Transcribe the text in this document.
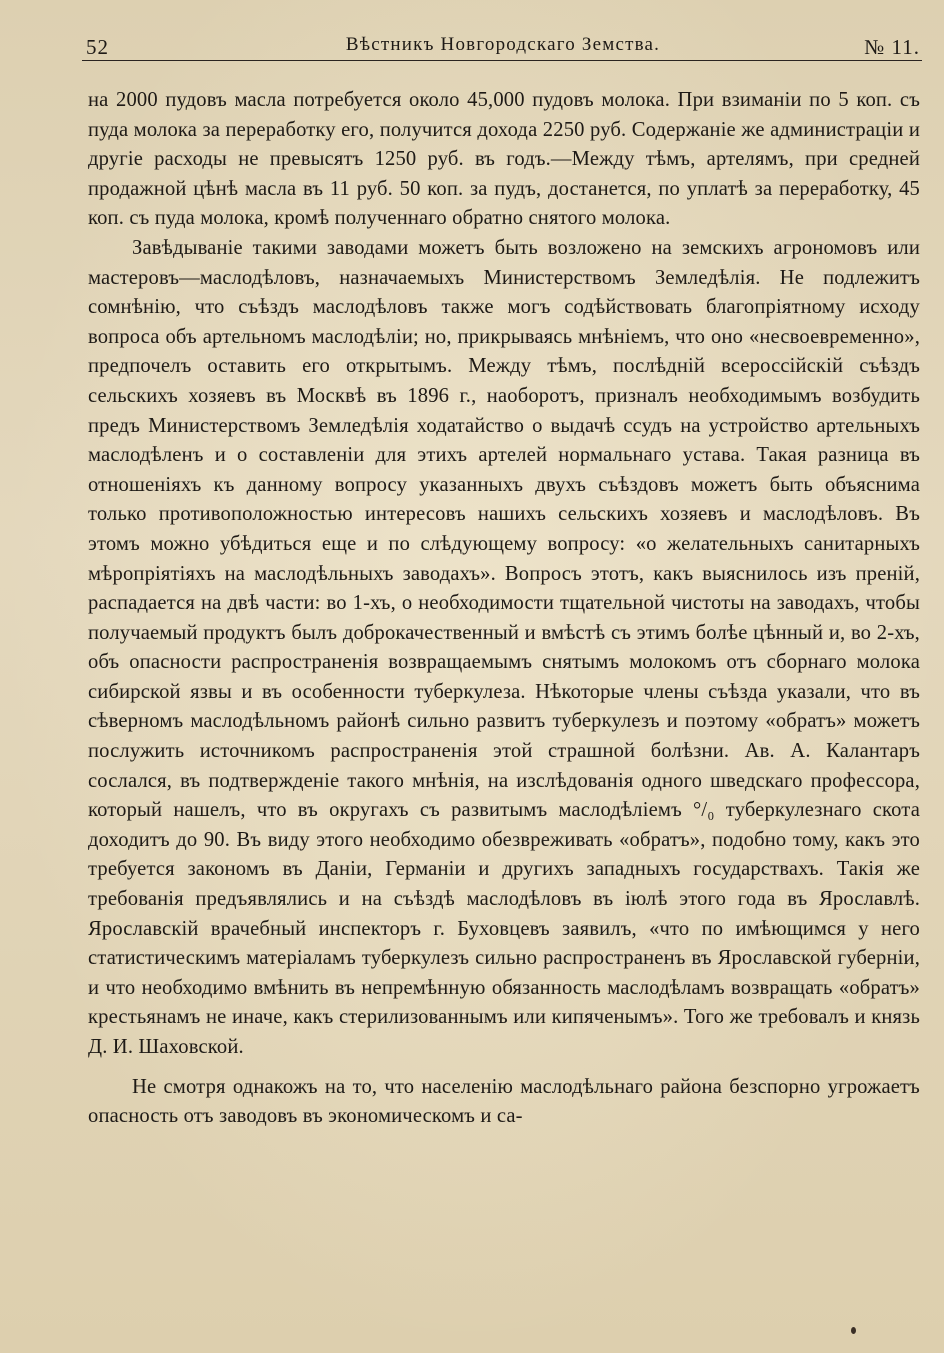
52	Вѣстникъ Новгородскаго Земства.	№ 11.

на 2000 пудовъ масла потребуется около 45,000 пудовъ молока. При взиманіи по 5 коп. съ пуда молока за переработку его, получится дохода 2250 руб. Содержаніе же администраціи и другіе расходы не превысятъ 1250 руб. въ годъ.—Между тѣмъ, артелямъ, при средней продажной цѣнѣ масла въ 11 руб. 50 коп. за пудъ, достанется, по уплатѣ за переработку, 45 коп. съ пуда молока, кромѣ полученнаго обратно снятого молока.

Завѣдываніе такими заводами можетъ быть возложено на земскихъ агрономовъ или мастеровъ—маслодѣловъ, назначаемыхъ Министерствомъ Земледѣлія. Не подлежитъ сомнѣнію, что съѣздъ маслодѣловъ также могъ содѣйствовать благопріятному исходу вопроса объ артельномъ маслодѣліи; но, прикрываясь мнѣніемъ, что оно «несвоевременно», предпочелъ оставить его открытымъ. Между тѣмъ, послѣдній всероссійскій съѣздъ сельскихъ хозяевъ въ Москвѣ въ 1896 г., наоборотъ, призналъ необходимымъ возбудить предъ Министерствомъ Земледѣлія ходатайство о выдачѣ ссудъ на устройство артельныхъ маслодѣленъ и о составленіи для этихъ артелей нормальнаго устава. Такая разница въ отношеніяхъ къ данному вопросу указанныхъ двухъ съѣздовъ можетъ быть объяснима только противоположностью интересовъ нашихъ сельскихъ хозяевъ и маслодѣловъ. Въ этомъ можно убѣдиться еще и по слѣдующему вопросу: «о желательныхъ санитарныхъ мѣропріятіяхъ на маслодѣльныхъ заводахъ». Вопросъ этотъ, какъ выяснилось изъ преній, распадается на двѣ части: во 1-хъ, о необходимости тщательной чистоты на заводахъ, чтобы получаемый продуктъ былъ доброкачественный и вмѣстѣ съ этимъ болѣе цѣнный и, во 2-хъ, объ опасности распространенія возвращаемымъ снятымъ молокомъ отъ сборнаго молока сибирской язвы и въ особенности туберкулеза. Нѣкоторые члены съѣзда указали, что въ сѣверномъ маслодѣльномъ районѣ сильно развитъ туберкулезъ и поэтому «обратъ» можетъ послужить источникомъ распространенія этой страшной болѣзни. Ав. А. Калантаръ сослался, въ подтвержденіе такого мнѣнія, на изслѣдованія одного шведскаго профессора, который нашелъ, что въ округахъ съ развитымъ маслодѣліемъ °/₀ туберкулезнаго скота доходитъ до 90. Въ виду этого необходимо обезвреживать «обратъ», подобно тому, какъ это требуется закономъ въ Даніи, Германіи и другихъ западныхъ государствахъ. Такія же требованія предъявлялись и на съѣздѣ маслодѣловъ въ іюлѣ этого года въ Ярославлѣ. Ярославскій врачебный инспекторъ г. Буховцевъ заявилъ, «что по имѣющимся у него статистическимъ матеріаламъ туберкулезъ сильно распространенъ въ Ярославской губерніи, и что необходимо вмѣнить въ непремѣнную обязанность маслодѣламъ возвращать «обратъ» крестьянамъ не иначе, какъ стерилизованнымъ или кипяченымъ». Того же требовалъ и князь Д. И. Шаховской.

Не смотря однакожъ на то, что населенію маслодѣльнаго района безспорно угрожаетъ опасность отъ заводовъ въ экономическомъ и са-
